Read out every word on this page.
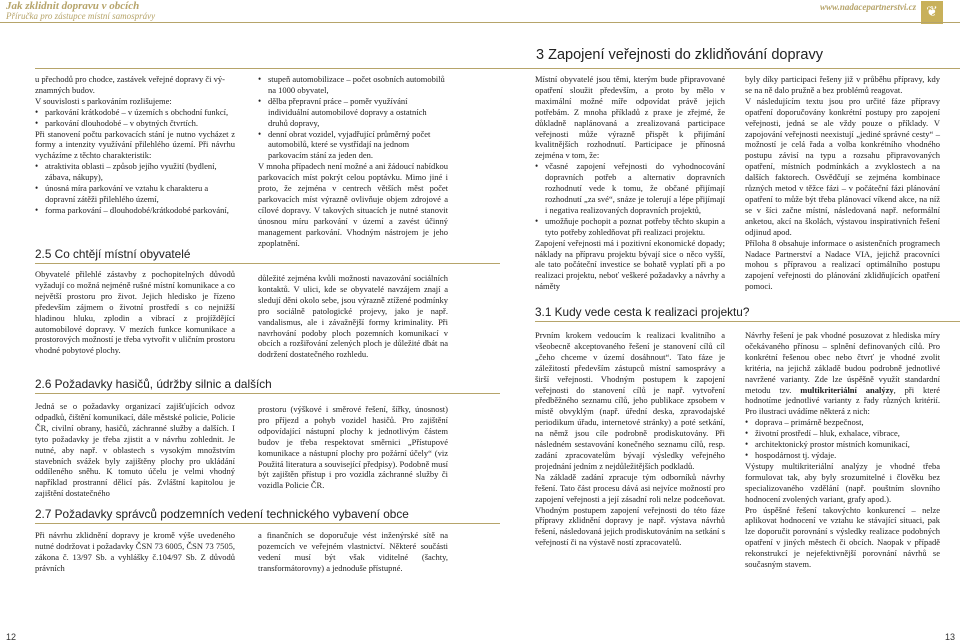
Jak zklidnit dopravu v obcích
Příručka pro zástupce místní samosprávy
www.nadacepartnerstvi.cz ❦
3 Zapojení veřejnosti do zklidňování dopravy

u přechodů pro chodce, zastávek veřejné dopravy či vý-

znamných budov.

V souvislosti s parkováním rozlišujeme:

• parkování krátkodobé – v územích s obchodní funkcí,

• parkování dlouhodobé – v obytných čtvrtích.

Při stanovení počtu parkovacích stání je nutno vycházet z formy a intenzity využívání přilehlého území. Při návrhu vycházíme z těchto charakteristik:

• atraktivita oblasti – způsob jejího využití (bydlení, zábava, nákupy),

• únosná míra parkování ve vztahu k charakteru a dopravní zátěži přilehlého území,

• forma parkování – dlouhodobé/krátkodobé parkování,

2.5 Co chtějí místní obyvatelé
Obyvatelé přilehlé zástavby z pochopitelných důvodů vyžadují co možná nejméně rušné místní komunikace a co největší prostoru pro život. Jejich hledisko je řízeno především zájmem o životní prostředí s co nejnižší hladinou hluku, zplodin a vibrací z projíždějící automobilové dopravy. V mezích funkce komunikace a prostorových možností je třeba vytvořit v uličním prostoru vhodné pobytové plochy.
2.6 Požadavky hasičů, údržby silnic a dalších
Jedná se o požadavky organizací zajišťujících odvoz odpadků, čištění komunikací, dále městské policie, Policie ČR, civilní obrany, hasičů, záchranné služby a dalších. I tyto požadavky je třeba zjistit a v návrhu zohlednit. Je nutné, aby např. v oblastech s vysokým množstvím stavebních svážek byly zajištěny plochy pro ukládání oddíleného sněhu. K tomuto účelu je velmi vhodný například prostranní dělicí pás. Zvláštní kapitolou je zajištění dostatečného

• stupeň automobilizace – počet osobních automobilů na 1000 obyvatel,

• dělba přepravní práce – poměr využívání individuální automobilové dopravy a ostatních druhů dopravy,

• denní obrat vozidel, vyjadřující průměrný počet automobilů, které se vystřídají na jednom parkovacím stání za jeden den.

V mnoha případech není možné a ani žádoucí nabídkou parkovacích míst pokrýt celou poptávku. Mimo jiné i proto, že zejména v centrech větších měst počet parkovacích míst výrazně ovlivňuje objem zdrojové a cílové dopravy. V takových situacích je nutné stanovit únosnou míru parkování v území a zavést účinný management parkování. Vhodným nástrojem je jeho zpoplatnění.

důležité zejména kvůli možnosti navazování sociálních kontaktů. V ulici, kde se obyvatelé navzájem znají a sledují děni okolo sebe, jsou výrazně ztížené podmínky pro sociálně patologické projevy, jako je např. vandalismus, ale i závažnější formy kriminality. Při navrhování podoby ploch pozemních komunikací v obcích a rozšiřování zelených ploch je důležité dbát na dodržení dostatečného rozhledu.
prostoru (výškové i směrové řešení, šířky, únosnost) pro příjezd a pohyb vozidel hasičů. Pro zajištění odpovídající nástupní plochy k jednotlivým částem budov je třeba respektovat směrnici „Přístupové komunikace a nástupní plochy pro požární účely“ (viz Použitá literatura a související předpisy). Podobně musí být zajištěn přístup i pro vozidla záchranné služby či vozidla Policie ČR.
2.7 Požadavky správců podzemních vedení technického vybavení obce
Při návrhu zklidnění dopravy je kromě výše uvedeného nutné dodržovat i požadavky ČSN 73 6005, ČSN 73 7505, zákona č. 13/97 Sb. a vyhlášky č.104/97 Sb. Z důvodů právních
a finančních se doporučuje vést inženýrské sítě na pozemcích ve veřejném vlastnictví. Některé součásti vedení musí být však viditelné (šachty, transformátorovny) a jednoduše přístupné.

Místní obyvatelé jsou těmi, kterým bude připravované opatření sloužit především, a proto by mělo v maximální možné míře odpovídat právě jejich potřebám. Z mnoha příkladů z praxe je zřejmé, že důkladně naplánovaná a zrealizovaná participace veřejnosti může výrazně přispět k přijímání kvalitnějších rozhodnutí. Participace je přínosná zejména v tom, že:

• včasné zapojení veřejnosti do vyhodnocování dopravních potřeb a alternativ dopravních rozhodnutí vede k tomu, že občané přijímají rozhodnutí „za své“, snáze je tolerují a lépe přijímají i negativa realizovaných dopravních projektů,

• umožňuje pochopit a poznat potřeby těchto skupin a tyto potřeby zohledňovat při realizaci projektu.

Zapojení veřejnosti má i pozitivní ekonomické dopady; náklady na přípravu projektu bývají sice o něco vyšší, ale tato počáteční investice se bohatě vyplatí při a po realizaci projektu, neboť veškeré požadavky a návrhy a náměty

3.1 Kudy vede cesta k realizaci projektu?

Prvním krokem vedoucím k realizaci kvalitního a všeobecně akceptovaného řešení je stanovení cílů cíl „čeho chceme v území dosáhnout“. Tato fáze je záležitostí především zástupců místní samosprávy a širší veřejnosti. Vhodným postupem k zapojení veřejnosti do stanovení cílů je např. vytvoření předběžného seznamu cílů, jeho publikace zpsobem v místě obvyklým (např. úřední deska, zpravodajské periodikum úřadu, internetové stránky) a poté setkání, na němž jsou cíle podrobně prodiskutovány. Při následném sestavování konečného seznamu cílů, resp. zadání zpracovatelům bývají výsledky veřejného projednání jedním z nejdůležitějších podkladů.

Na základě zadání zpracuje tým odborníků návrhy řešení. Tato část procesu dává asi nejvíce možností pro zapojení veřejnosti a její zásadní roli nelze podceňovat. Vhodným postupem zapojení veřejnosti do této fáze přípravy zklidnění dopravy je např. výstava návrhů řešení, následovaná jejich prodiskutováním na setkání s veřejností či na výstavě ností zpracovatelů.

byly díky participaci řešeny již v průběhu přípravy, kdy se na ně dalo pružně a bez problémů reagovat.

V následujícím textu jsou pro určité fáze přípravy opatření doporučovány konkrétní postupy pro zapojení veřejnosti, jedná se ale vždy pouze o příklady. V zapojování veřejnosti neexistují „jediné správné cesty“ – možností je celá řada a volba konkrétního vhodného postupu závisí na typu a rozsahu připravovaných opatření, místních podmínkách a zvyklostech a na dalších faktorech. Osvědčují se zejména kombinace různých metod v těžce fázi – v počáteční fázi plánování opatření to může být třeba plánovací víkend akce, na níž se v šíci začne místní, následovaná např. neformální anketou, akcí na školách, výstavou inspirativních řešení odjinud apod.

Příloha 8 obsahuje informace o asistenčních programech Nadace Partnerství a Nadace VIA, jejichž pracovníci mohou s přípravou a realizací optimálního postupu zapojení veřejnosti do plánování zklidňujících opatření pomoci.

Návrhy řešení je pak vhodné posuzovat z hlediska míry očekávaného přínosu – splnění definovaných cílů. Pro konkrétní řešenou obec nebo čtvrť je vhodné zvolit kritéria, na jejichž základě budou podrobně jednotlivé navržené varianty. Zde lze úspěšně využít standardní metodu tzv. multikriteriální analýzy, při které hodnotíme jednotlivé varianty z řady různých kritérií. Pro ilustraci uvádíme některá z nich:

• doprava – primárně bezpečnost,

• životní prostředí – hluk, exhalace, vibrace,

• architektonický prostor místních komunikací,

• hospodárnost tj. výdaje.

Výstupy multikriteriální analýzy je vhodné třeba formulovat tak, aby byly srozumitelné i člověku bez specializovaného vzdělání (např. pouštním slovního hodnocení zvolených variant, grafy apod.).

Pro úspěšné řešení takovýchto konkurencí – nelze aplikovat hodnocení ve vztahu ke stávající situaci, pak lze doporučit porovnání s výsledky realizace podobných opatření v jiných městech či obcích. Naopak v případě rekonstrukcí je nejefektivnější porovnání návrhů se současným stavem.

12	13
